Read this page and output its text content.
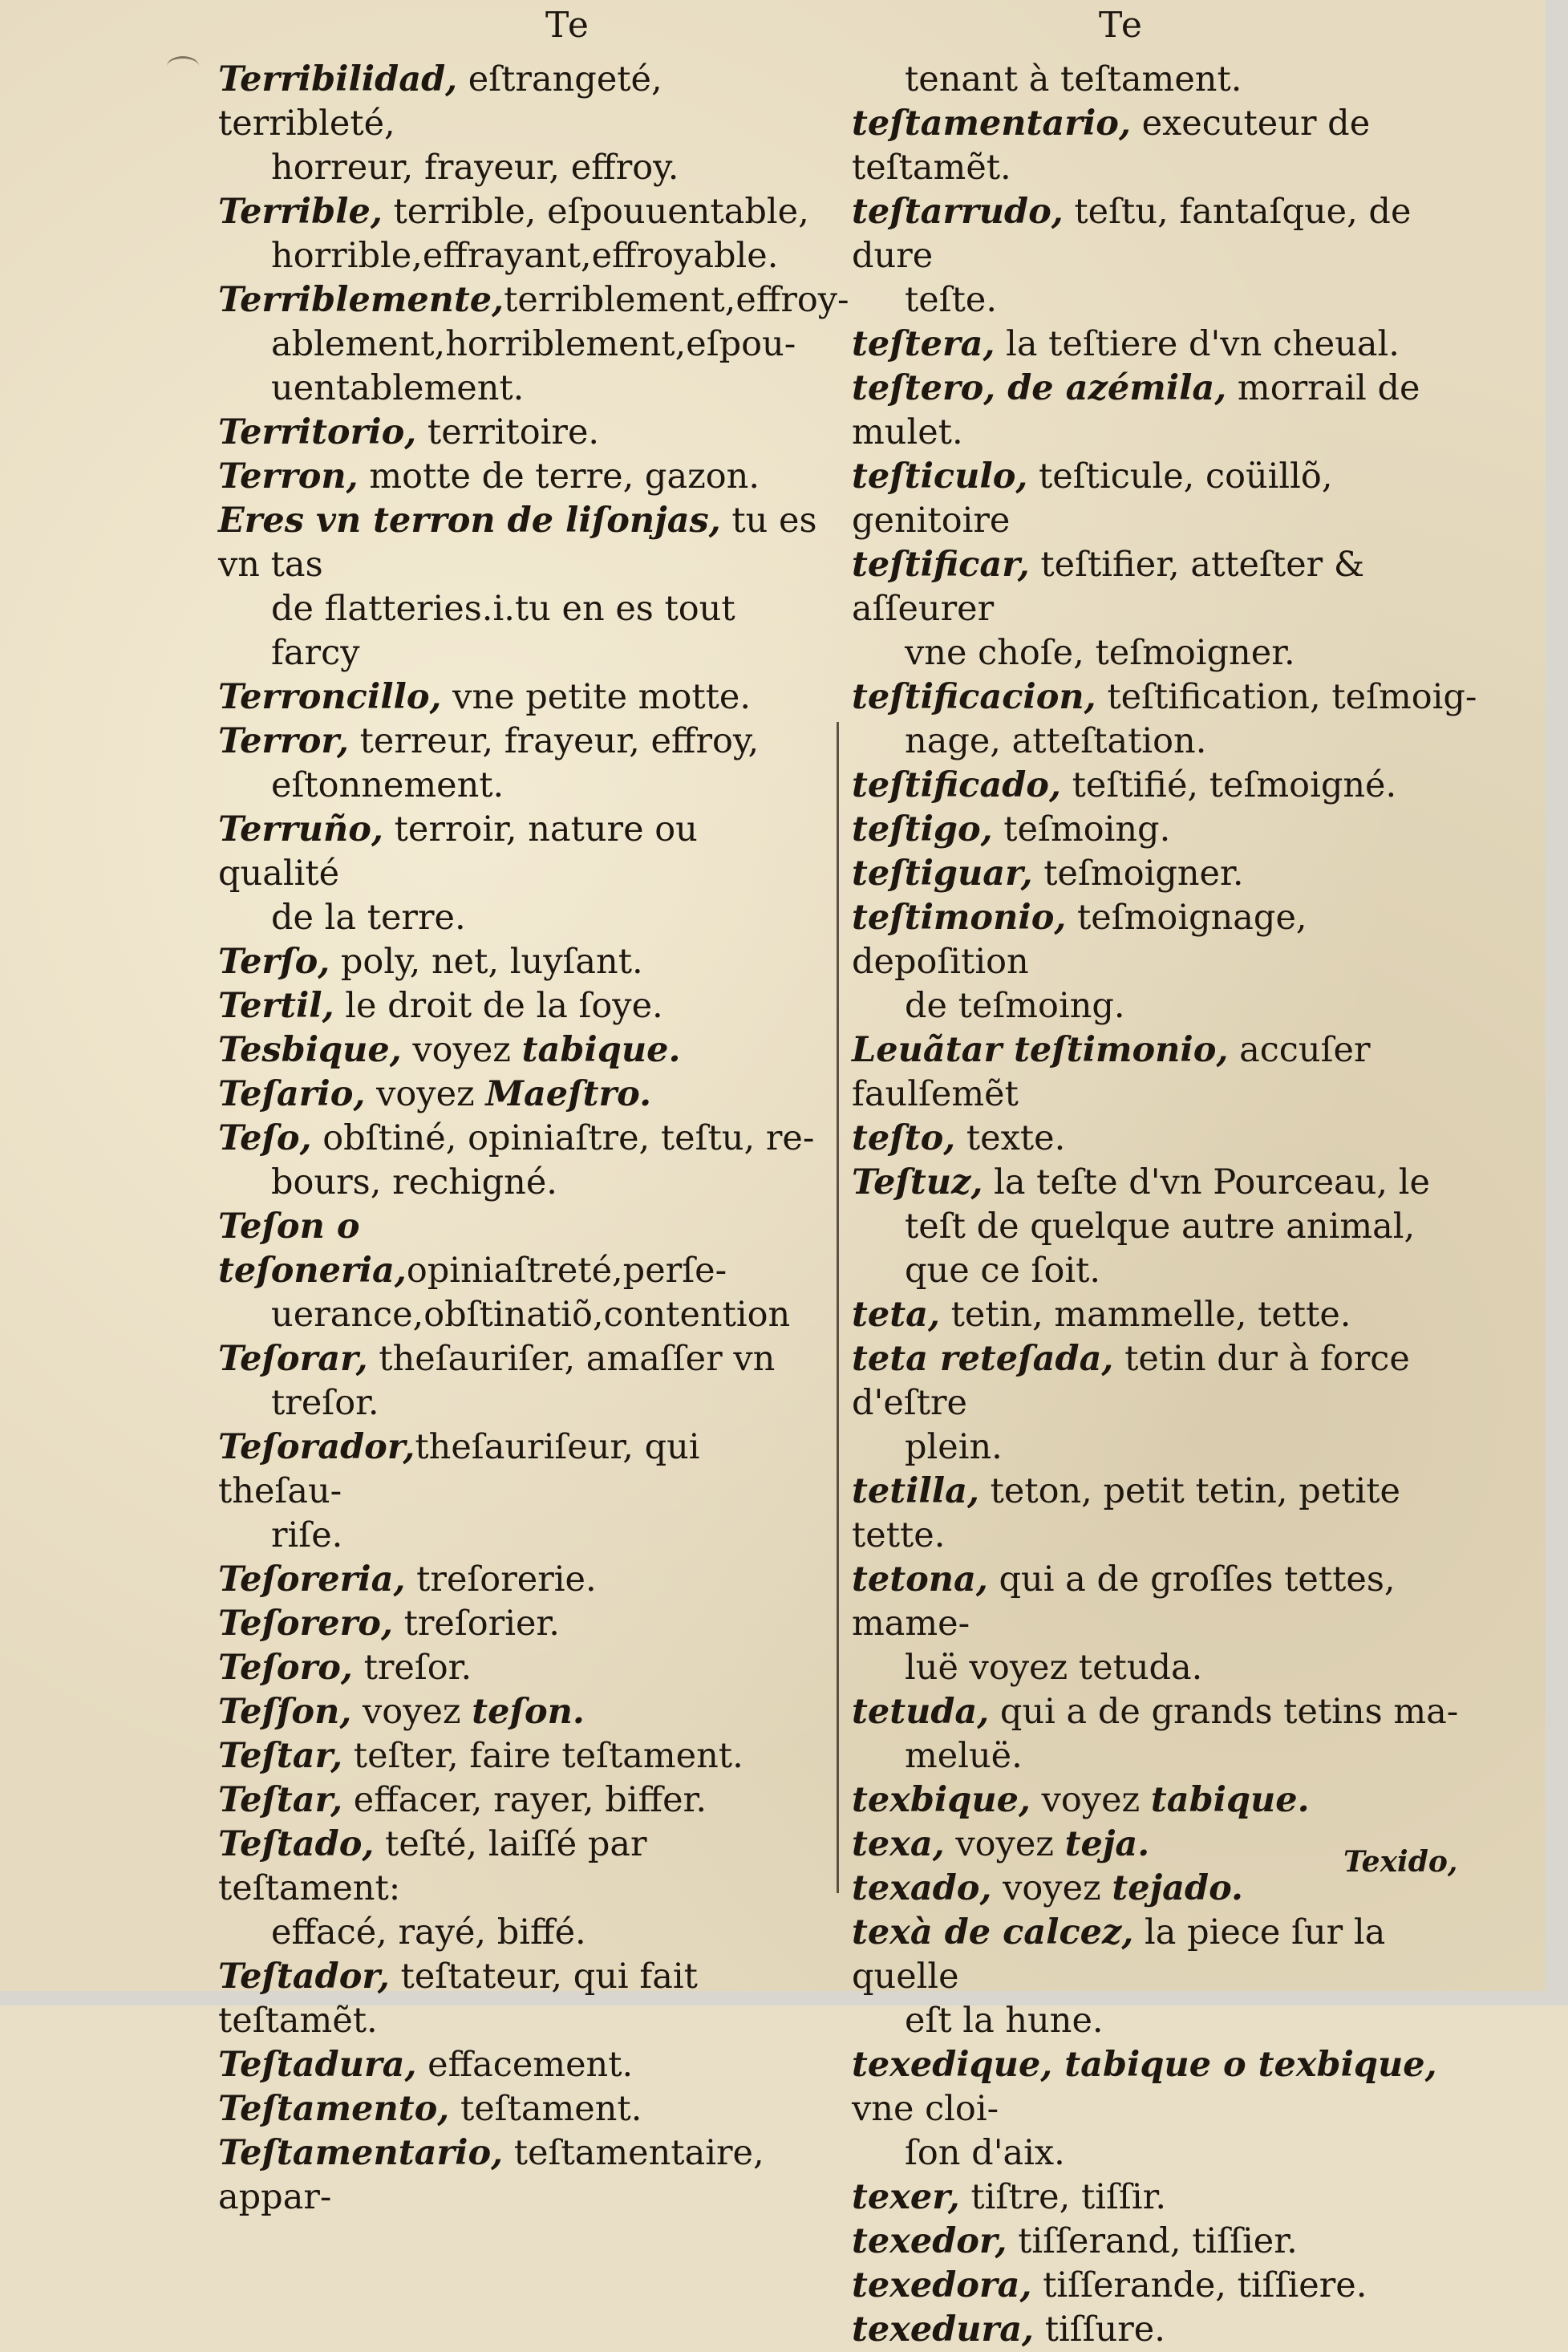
Te	Te

Terribilidad, eſtrangeté, terribleté,
horreur, frayeur, effroy.

Terrible, terrible, eſpouuentable,
horrible,effrayant,effroyable.

Terriblemente,terriblement,effroy-
ablement,horriblement,eſpou-

uentablement.

Territorio, territoire.

Terron, motte de terre, gazon.

Eres vn terron de liſonjas, tu es vn tas
de flatteries.i.tu en es tout farcy

Terroncillo, vne petite motte.

Terror, terreur, frayeur, effroy,
eſtonnement.

Terruño, terroir, nature ou qualité
de la terre.

Terſo, poly, net, luyſant.

Tertil, le droit de la ſoye.

Tesbique, voyez tabique.

Teſario, voyez Maeſtro.

Teſo, obſtiné, opiniaſtre, teſtu, re-
bours, rechigné.

Teſon o teſoneria,opiniaſtreté,perſe-
uerance,obſtinatiõ,contention

Teſorar, theſauriſer, amaſſer vn
treſor.

Teſorador,theſauriſeur, qui theſau-
riſe.

Teſoreria, treſorerie.

Teſorero, treſorier.

Teſoro, treſor.

Teſſon, voyez teſon.

Teſtar, teſter, faire teſtament.

Teſtar, effacer, rayer, biffer.

Teſtado, teſté, laiſſé par teſtament:
effacé, rayé, biffé.

Teſtador, teſtateur, qui fait teſtamẽt.

Teſtadura, effacement.

Teſtamento, teſtament.

Teſtamentario, teſtamentaire, appar-

tenant à teſtament.

teſtamentario, executeur de teſtamẽt.

teſtarrudo, teſtu, fantaſque, de dure
teſte.

teſtera, la teſtiere d'vn cheual.

teſtero, de azémila, morrail de mulet.

teſticulo, teſticule, coüillõ, genitoire

teſtificar, teſtifier, atteſter & aſſeurer
vne choſe, teſmoigner.

teſtificacion, teſtification, teſmoig-
nage, atteſtation.

teſtificado, teſtifié, teſmoigné.

teſtigo, teſmoing.

teſtiguar, teſmoigner.

teſtimonio, teſmoignage, depoſition
de teſmoing.

Leuãtar teſtimonio, accuſer faulſemẽt

teſto, texte.

Teſtuz, la teſte d'vn Pourceau, le
teſt de quelque autre animal,

que ce ſoit.

teta, tetin, mammelle, tette.

teta reteſada, tetin dur à force d'eſtre
plein.

tetilla, teton, petit tetin, petite tette.

tetona, qui a de groſſes tettes, mame-
luë voyez tetuda.

tetuda, qui a de grands tetins ma-
meluë.

texbique, voyez tabique.

texa, voyez teja.

texado, voyez tejado.

texà de calcez, la piece ſur la quelle
eſt la hune.

texedique, tabique o texbique, vne cloi-
ſon d'aix.

texer, tiſtre, tiſſir.

texedor, tiſſerand, tiſſier.

texedora, tiſſerande, tiſſiere.

texedura, tiſſure.

Texido,
